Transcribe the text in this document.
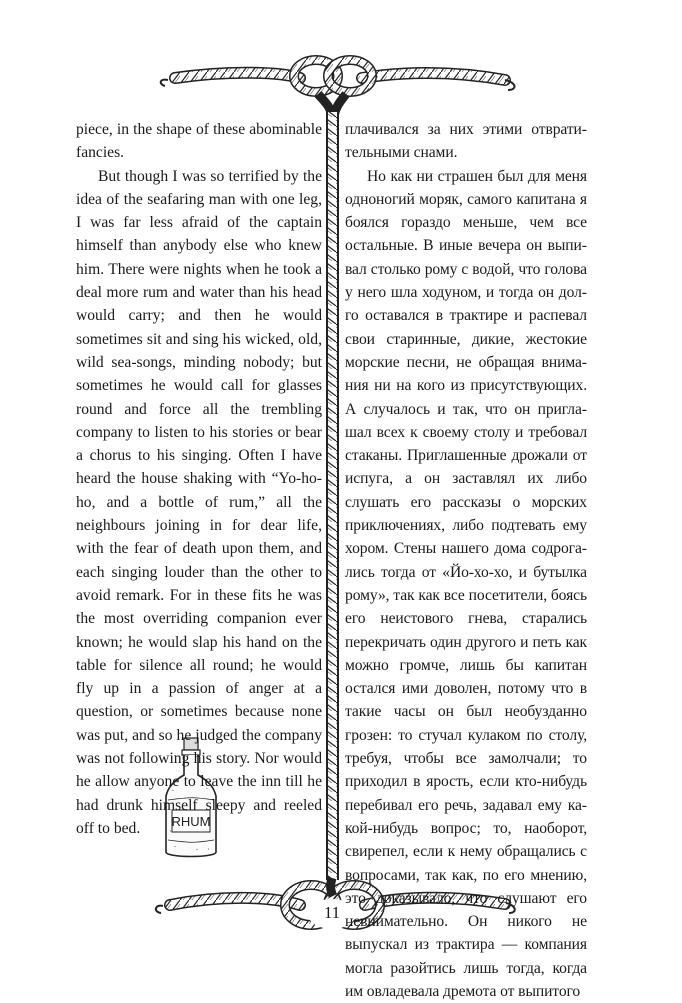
RHUM

piece, in the shape of these abominable fancies.

But though I was so terrified by the idea of the seafaring man with one leg, I was far less afraid of the captain himself than anybody else who knew him. There were nights when he took a deal more rum and water than his head would carry; and then he would sometimes sit and sing his wicked, old, wild sea-songs, minding nobody; but sometimes he would call for glasses round and force all the trembling company to listen to his stories or bear a chorus to his singing. Often I have heard the house shaking with “Yo-ho-ho, and a bottle of rum,” all the neighbours joining in for dear life, with the fear of death upon them, and each singing louder than the other to avoid remark. For in these fits he was the most overriding companion ever known; he would slap his hand on the table for silence all round; he would fly up in a passion of anger at a question, or sometimes because none was put, and so he judged the company was not following his story. Nor would he allow anyone to leave the inn till he had drunk himself sleepy and reeled off to bed.

плачивался за них этими отвратительными снами.

Но как ни страшен был для меня одноногий моряк, самого капитана я боялся гораздо меньше, чем все остальные. В иные вечера он выпивал столько рому с водой, что голова у него шла ходуном, и тогда он долго оставался в трактире и распевал свои старинные, дикие, жестокие морские песни, не обращая внимания ни на кого из присутствующих. А случалось и так, что он приглашал всех к своему столу и требовал стаканы. Приглашенные дрожали от испуга, а он заставлял их либо слушать его рассказы о морских приключениях, либо подтевать ему хором. Стены нашего дома содрогались тогда от «Йо-хо-хо, и бутылка рому», так как все посетители, боясь его неистового гнева, старались перекричать один другого и петь как можно громче, лишь бы капитан остался ими доволен, потому что в такие часы он был необузданно грозен: то стучал кулаком по столу, требуя, чтобы все замолчали; то приходил в ярость, если кто-нибудь перебивал его речь, задавал ему какой-нибудь вопрос; то, наоборот, свирепел, если к нему обращались с вопросами, так как, по его мнению, это доказывало, что слушают его невнимательно. Он никого не выпускал из трактира — компания могла разойтись лишь тогда, когда им овладевала дремота от выпитого

11
